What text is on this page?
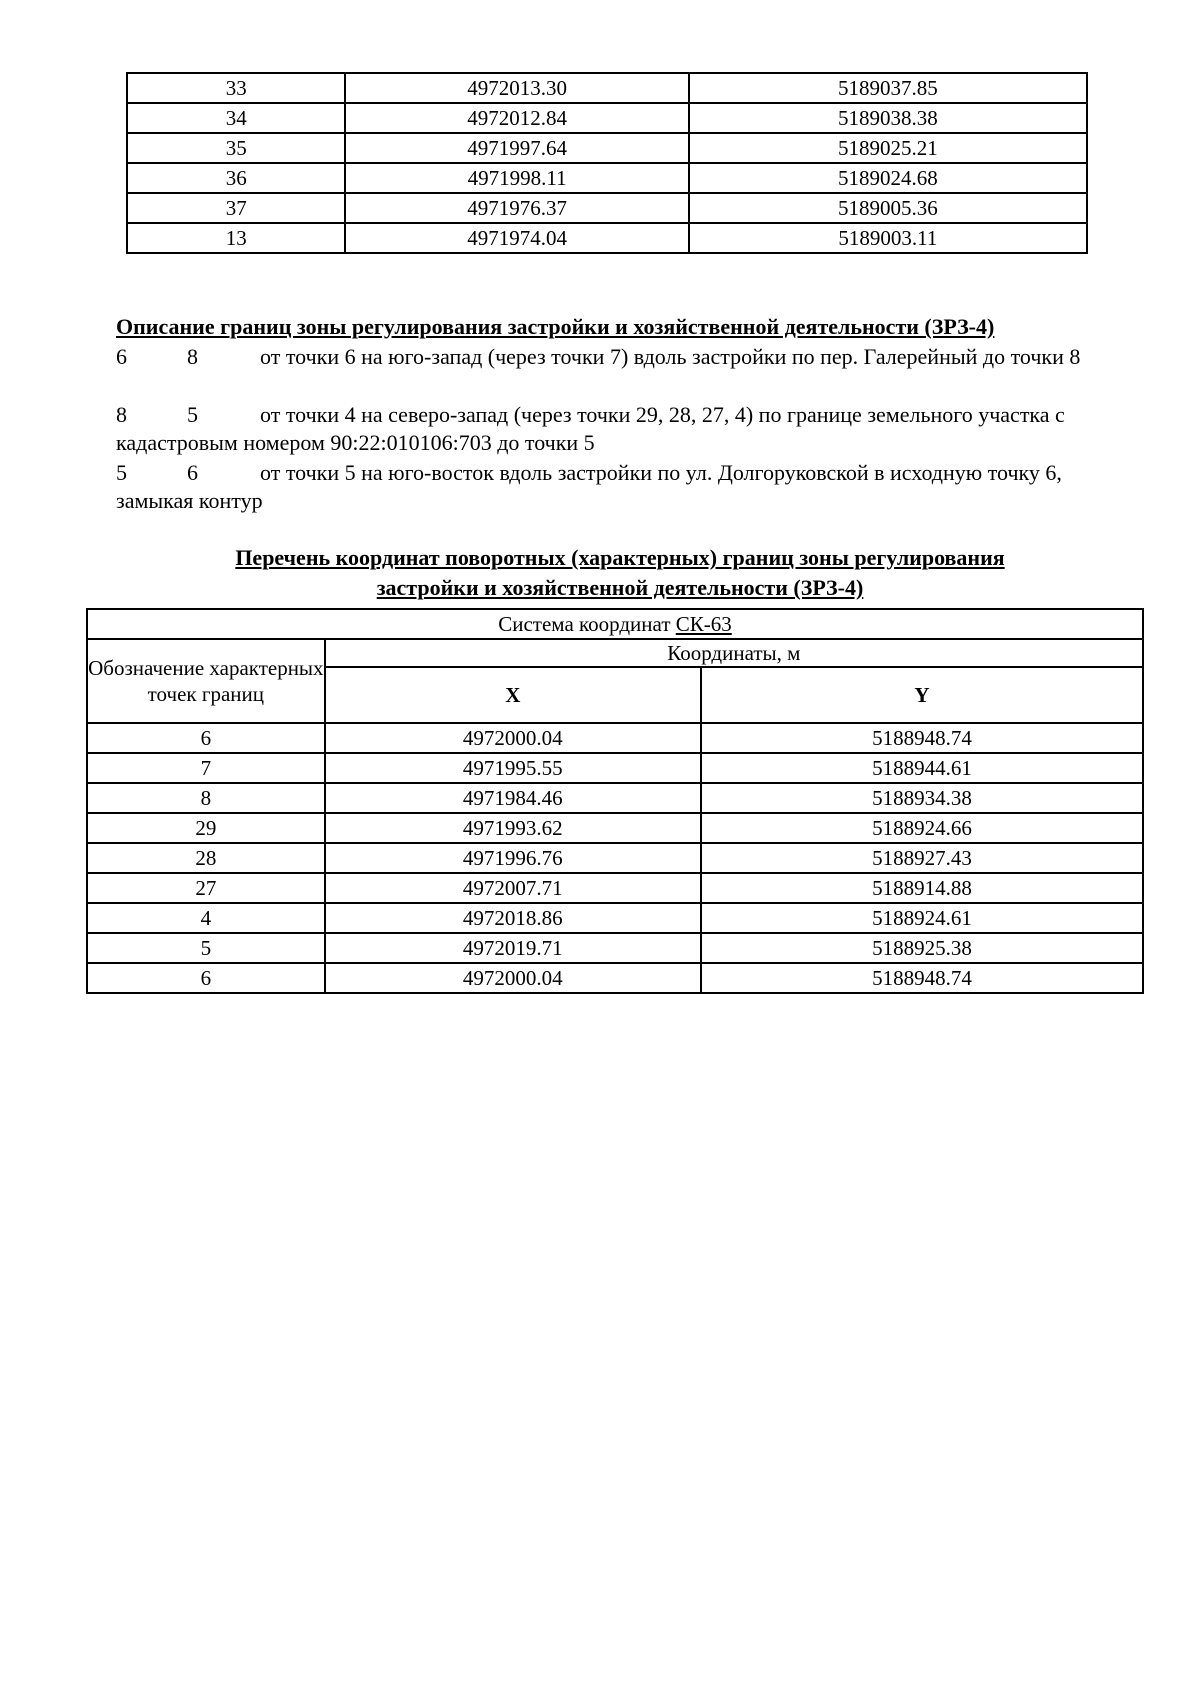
33	4972013.30	5189037.85
34	4972012.84	5189038.38
35	4971997.64	5189025.21
36	4971998.11	5189024.68
37	4971976.37	5189005.36
13	4971974.04	5189003.11
Описание границ зоны регулирования застройки и хозяйственной деятельности (ЗРЗ-4)
6	8	от точки 6 на юго-запад (через точки 7) вдоль застройки по пер. Галерейный до точки 8
8	5	от точки 4 на северо-запад (через точки 29, 28, 27, 4) по границе земельного участка с кадастровым номером 90:22:010106:703 до точки 5
5	6	от точки 5 на юго-восток вдоль застройки по ул. Долгоруковской в исходную точку 6, замыкая контур
Перечень координат поворотных (характерных) границ зоны регулирования
застройки и хозяйственной деятельности (ЗРЗ-4)
Система координат СК-63		
Обозначение характерных точек границ	Координаты, м	
	X	Y
6	4972000.04	5188948.74
7	4971995.55	5188944.61
8	4971984.46	5188934.38
29	4971993.62	5188924.66
28	4971996.76	5188927.43
27	4972007.71	5188914.88
4	4972018.86	5188924.61
5	4972019.71	5188925.38
6	4972000.04	5188948.74
